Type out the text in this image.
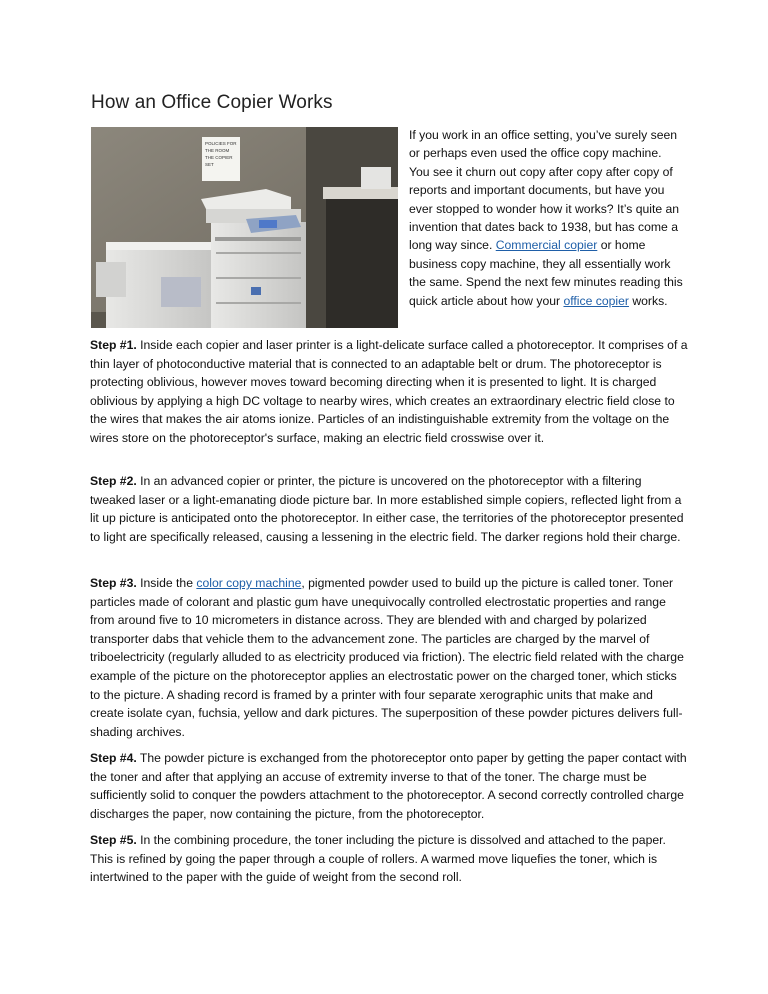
How an Office Copier Works
POLICIES FOR
THE ROOM
THE COPIER
SET

If you work in an office setting, you’ve surely seen or perhaps even used the office copy machine. You see it churn out copy after copy after copy of reports and important documents, but have you ever stopped to wonder how it works? It’s quite an invention that dates back to 1938, but has come a long way since. Commercial copier or home business copy machine, they all essentially work the same. Spend the next few minutes reading this quick article about how your office copier works.

Step #1. Inside each copier and laser printer is a light-delicate surface called a photoreceptor. It comprises of a thin layer of photoconductive material that is connected to an adaptable belt or drum. The photoreceptor is protecting oblivious, however moves toward becoming directing when it is presented to light. It is charged oblivious by applying a high DC voltage to nearby wires, which creates an extraordinary electric field close to the wires that makes the air atoms ionize. Particles of an indistinguishable extremity from the voltage on the wires store on the photoreceptor's surface, making an electric field crosswise over it.

Step #2. In an advanced copier or printer, the picture is uncovered on the photoreceptor with a filtering tweaked laser or a light-emanating diode picture bar. In more established simple copiers, reflected light from a lit up picture is anticipated onto the photoreceptor. In either case, the territories of the photoreceptor presented to light are specifically released, causing a lessening in the electric field. The darker regions hold their charge.

Step #3. Inside the color copy machine, pigmented powder used to build up the picture is called toner. Toner particles made of colorant and plastic gum have unequivocally controlled electrostatic properties and range from around five to 10 micrometers in distance across. They are blended with and charged by polarized transporter dabs that vehicle them to the advancement zone. The particles are charged by the marvel of triboelectricity (regularly alluded to as electricity produced via friction). The electric field related with the charge example of the picture on the photoreceptor applies an electrostatic power on the charged toner, which sticks to the picture. A shading record is framed by a printer with four separate xerographic units that make and create isolate cyan, fuchsia, yellow and dark pictures. The superposition of these powder pictures delivers full-shading archives.

Step #4. The powder picture is exchanged from the photoreceptor onto paper by getting the paper contact with the toner and after that applying an accuse of extremity inverse to that of the toner. The charge must be sufficiently solid to conquer the powders attachment to the photoreceptor. A second correctly controlled charge discharges the paper, now containing the picture, from the photoreceptor.

Step #5. In the combining procedure, the toner including the picture is dissolved and attached to the paper. This is refined by going the paper through a couple of rollers. A warmed move liquefies the toner, which is intertwined to the paper with the guide of weight from the second roll.
